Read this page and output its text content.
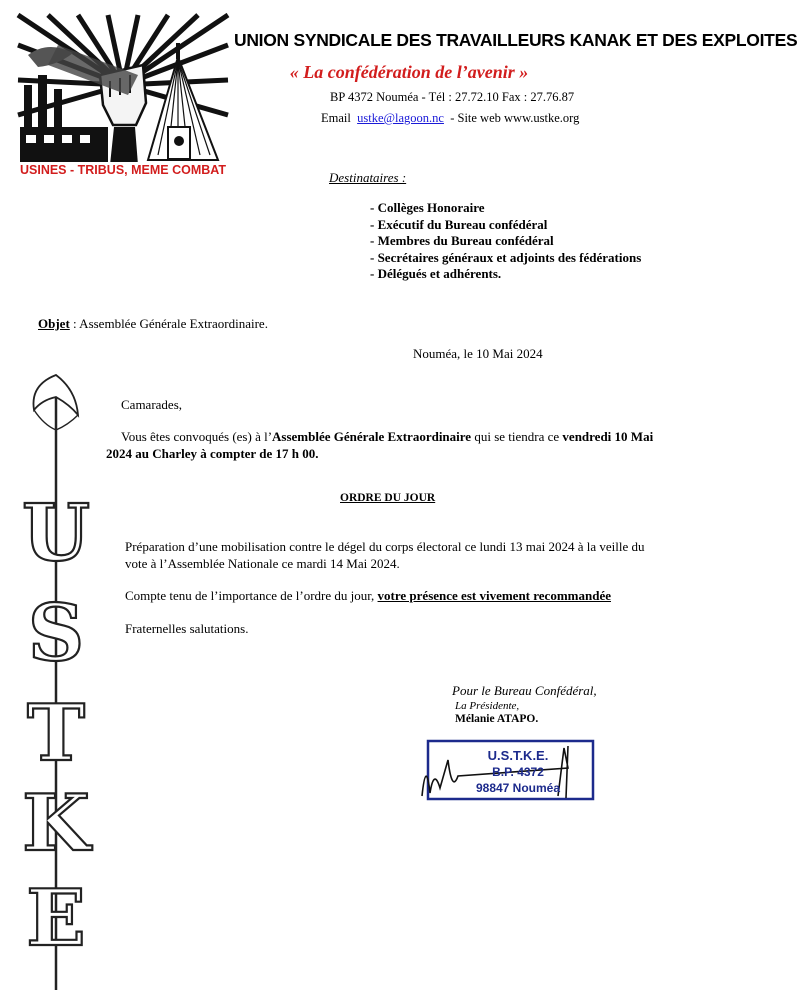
USINES - TRIBUS, MEME COMBAT
UNION SYNDICALE DES TRAVAILLEURS KANAK ET DES EXPLOITES
« La confédération de l’avenir »
BP 4372 Nouméa - Tél : 27.72.10 Fax : 27.76.87
Email ustke@lagoon.nc - Site web www.ustke.org
Destinataires :
- Collèges Honoraire
- Exécutif du Bureau confédéral
- Membres du Bureau confédéral
- Secrétaires généraux et adjoints des fédérations
- Délégués et adhérents.
Objet : Assemblée Générale Extraordinaire.
Nouméa, le 10 Mai 2024
Camarades,
Vous êtes convoqués (es) à l’Assemblée Générale Extraordinaire qui se tiendra ce vendredi 10 Mai 2024 au Charley à compter de 17 h 00.
ORDRE DU JOUR
Préparation d’une mobilisation contre le dégel du corps électoral ce lundi 13 mai 2024 à la veille du vote à l’Assemblée Nationale ce mardi 14 Mai 2024.
Compte tenu de l’importance de l’ordre du jour, votre présence est vivement recommandée
Fraternelles salutations.
Pour le Bureau Confédéral,
La Présidente,
Mélanie ATAPO.
U.S.T.K.E.
B.P. 4372
98847 Nouméa
U
S
T
K
E
